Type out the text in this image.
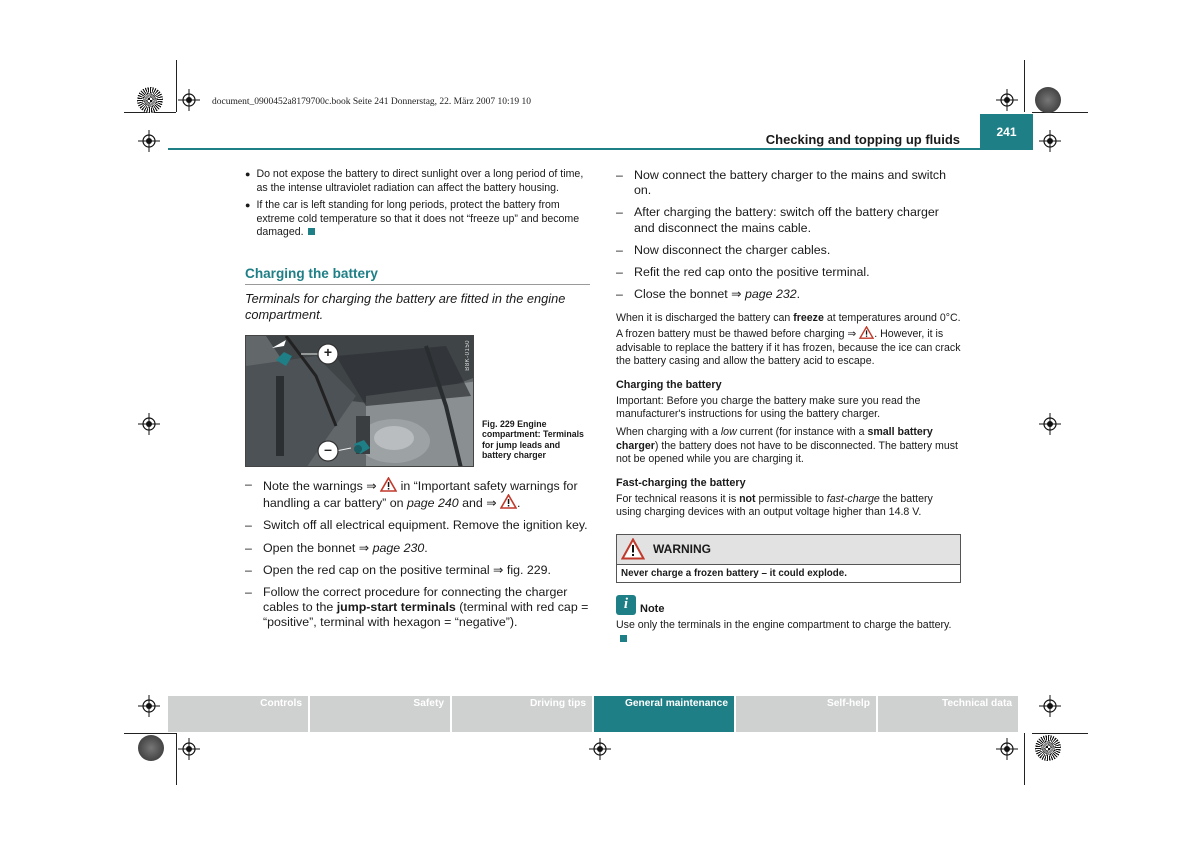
document_0900452a8179700c.book Seite 241 Donnerstag, 22. März 2007 10:19 10
Checking and topping up fluids	241
● Do not expose the battery to direct sunlight over a long period of time, as the intense ultraviolet radiation can affect the battery housing.
● If the car is left standing for long periods, protect the battery from extreme cold temperature so that it does not “freeze up” and become damaged.
Charging the battery
Terminals for charging the battery are fitted in the engine compartment.
+
–
B8K-0150
Fig. 229 Engine compartment: Terminals for jump leads and battery charger
– Note the warnings ⇒  in “Important safety warnings for handling a car battery” on page 240 and ⇒ .
– Switch off all electrical equipment. Remove the ignition key.
– Open the bonnet ⇒ page 230.
– Open the red cap on the positive terminal ⇒ fig. 229.
– Follow the correct procedure for connecting the charger cables to the jump-start terminals (terminal with red cap = “positive”, terminal with hexagon = “negative”).
– Now connect the battery charger to the mains and switch on.
– After charging the battery: switch off the battery charger and disconnect the mains cable.
– Now disconnect the charger cables.
– Refit the red cap onto the positive terminal.
– Close the bonnet ⇒ page 232.
When it is discharged the battery can freeze at temperatures around 0°C. A frozen battery must be thawed before charging ⇒ . However, it is advisable to replace the battery if it has frozen, because the ice can crack the battery casing and allow the battery acid to escape.
Charging the battery
Important: Before you charge the battery make sure you read the manufacturer's instructions for using the battery charger.
When charging with a low current (for instance with a small battery charger) the battery does not have to be disconnected. The battery must not be opened while you are charging it.
Fast-charging the battery
For technical reasons it is not permissible to fast-charge the battery using charging devices with an output voltage higher than 14.8 V.
WARNING
Never charge a frozen battery – it could explode.
i	Note
Use only the terminals in the engine compartment to charge the battery.
Controls	Safety	Driving tips	General maintenance	Self-help	Technical data
